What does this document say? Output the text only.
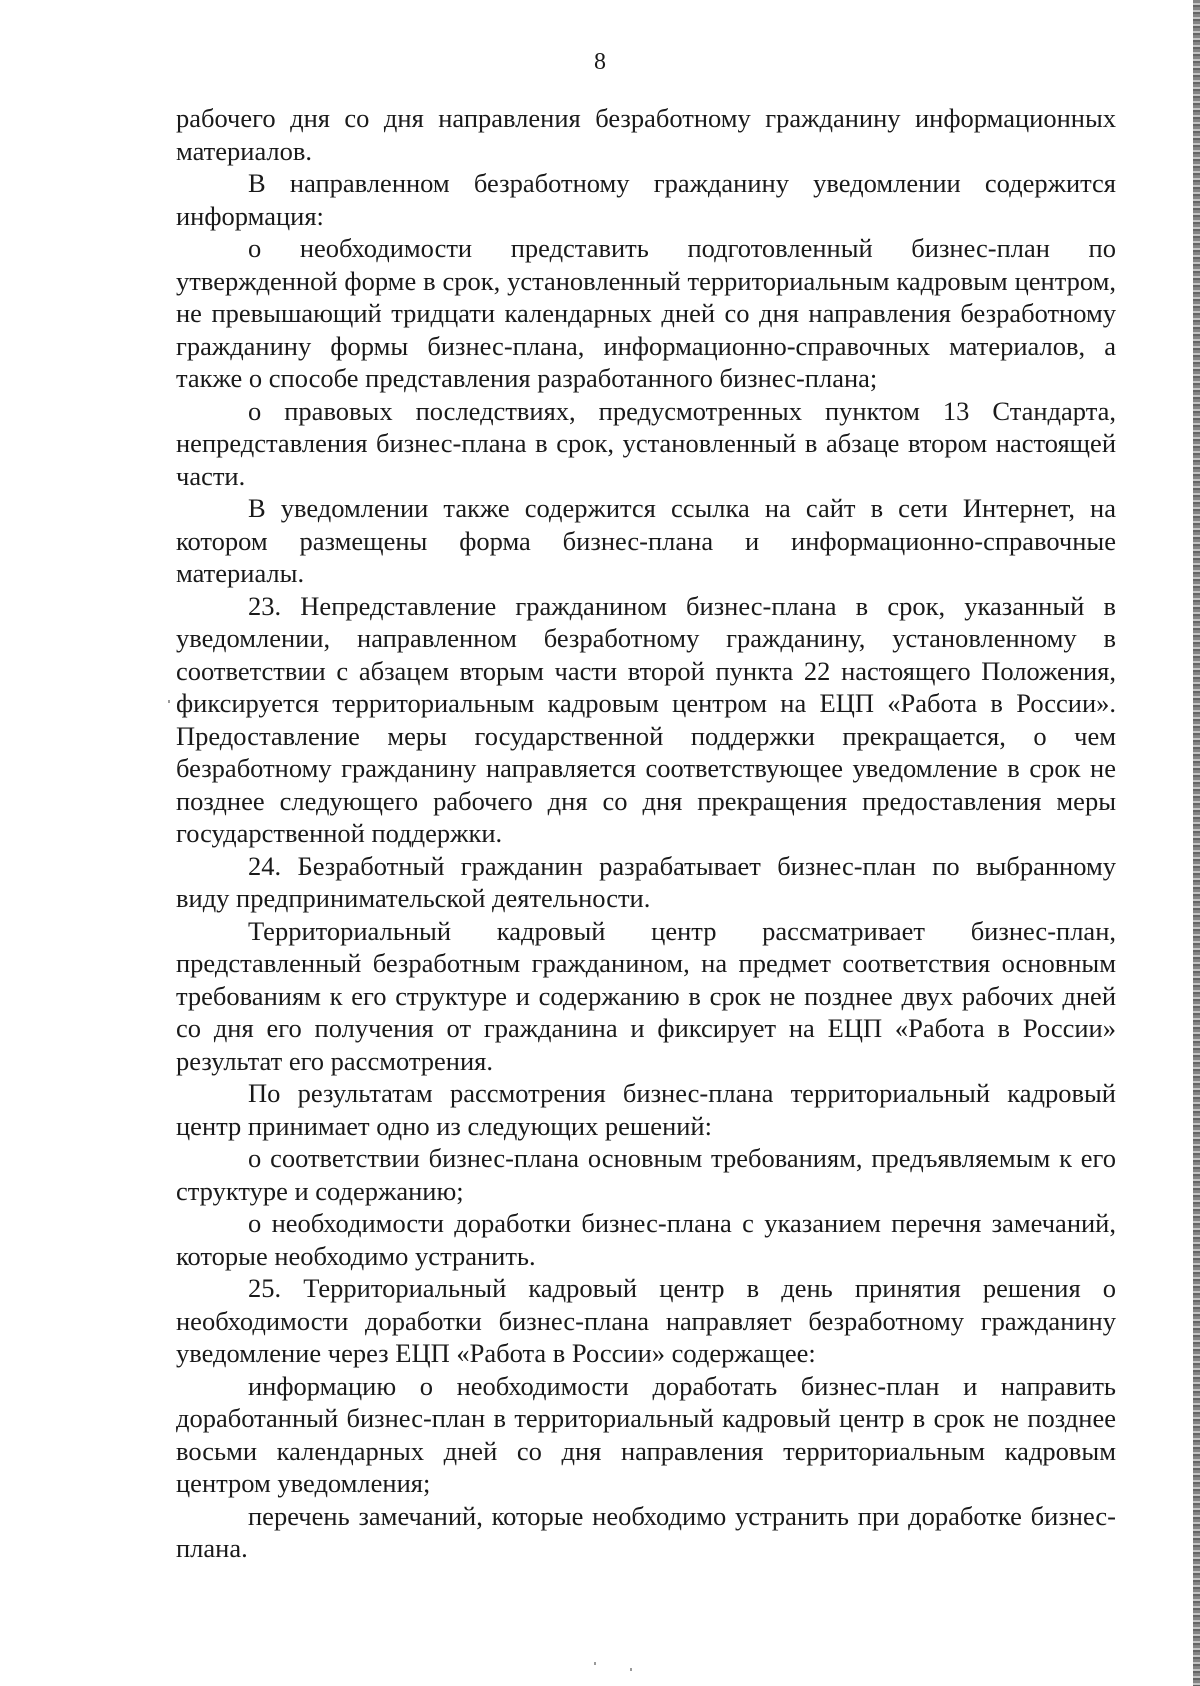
8

рабочего дня со дня направления безработному гражданину информационных материалов.

В направленном безработному гражданину уведомлении содержится информация:

о необходимости представить подготовленный бизнес-план по утвержденной форме в срок, установленный территориальным кадровым центром, не превышающий тридцати календарных дней со дня направления безработному гражданину формы бизнес-плана, информационно-справочных материалов, а также о способе представления разработанного бизнес-плана;

о правовых последствиях, предусмотренных пунктом 13 Стандарта, непредставления бизнес-плана в срок, установленный в абзаце втором настоящей части.

В уведомлении также содержится ссылка на сайт в сети Интернет, на котором размещены форма бизнес-плана и информационно-справочные материалы.

23. Непредставление гражданином бизнес-плана в срок, указанный в уведомлении, направленном безработному гражданину, установленному в соответствии с абзацем вторым части второй пункта 22 настоящего Положения, фиксируется территориальным кадровым центром на ЕЦП «Работа в России». Предоставление меры государственной поддержки прекращается, о чем безработному гражданину направляется соответствующее уведомление в срок не позднее следующего рабочего дня со дня прекращения предоставления меры государственной поддержки.

24. Безработный гражданин разрабатывает бизнес-план по выбранному виду предпринимательской деятельности.

Территориальный кадровый центр рассматривает бизнес-план, представленный безработным гражданином, на предмет соответствия основным требованиям к его структуре и содержанию в срок не позднее двух рабочих дней со дня его получения от гражданина и фиксирует на ЕЦП «Работа в России» результат его рассмотрения.

По результатам рассмотрения бизнес-плана территориальный кадровый центр принимает одно из следующих решений:

о соответствии бизнес-плана основным требованиям, предъявляемым к его структуре и содержанию;

о необходимости доработки бизнес-плана с указанием перечня замечаний, которые необходимо устранить.

25. Территориальный кадровый центр в день принятия решения о необходимости доработки бизнес-плана направляет безработному гражданину уведомление через ЕЦП «Работа в России» содержащее:

информацию о необходимости доработать бизнес-план и направить доработанный бизнес-план в территориальный кадровый центр в срок не позднее восьми календарных дней со дня направления территориальным кадровым центром уведомления;

перечень замечаний, которые необходимо устранить при доработке бизнес-плана.
